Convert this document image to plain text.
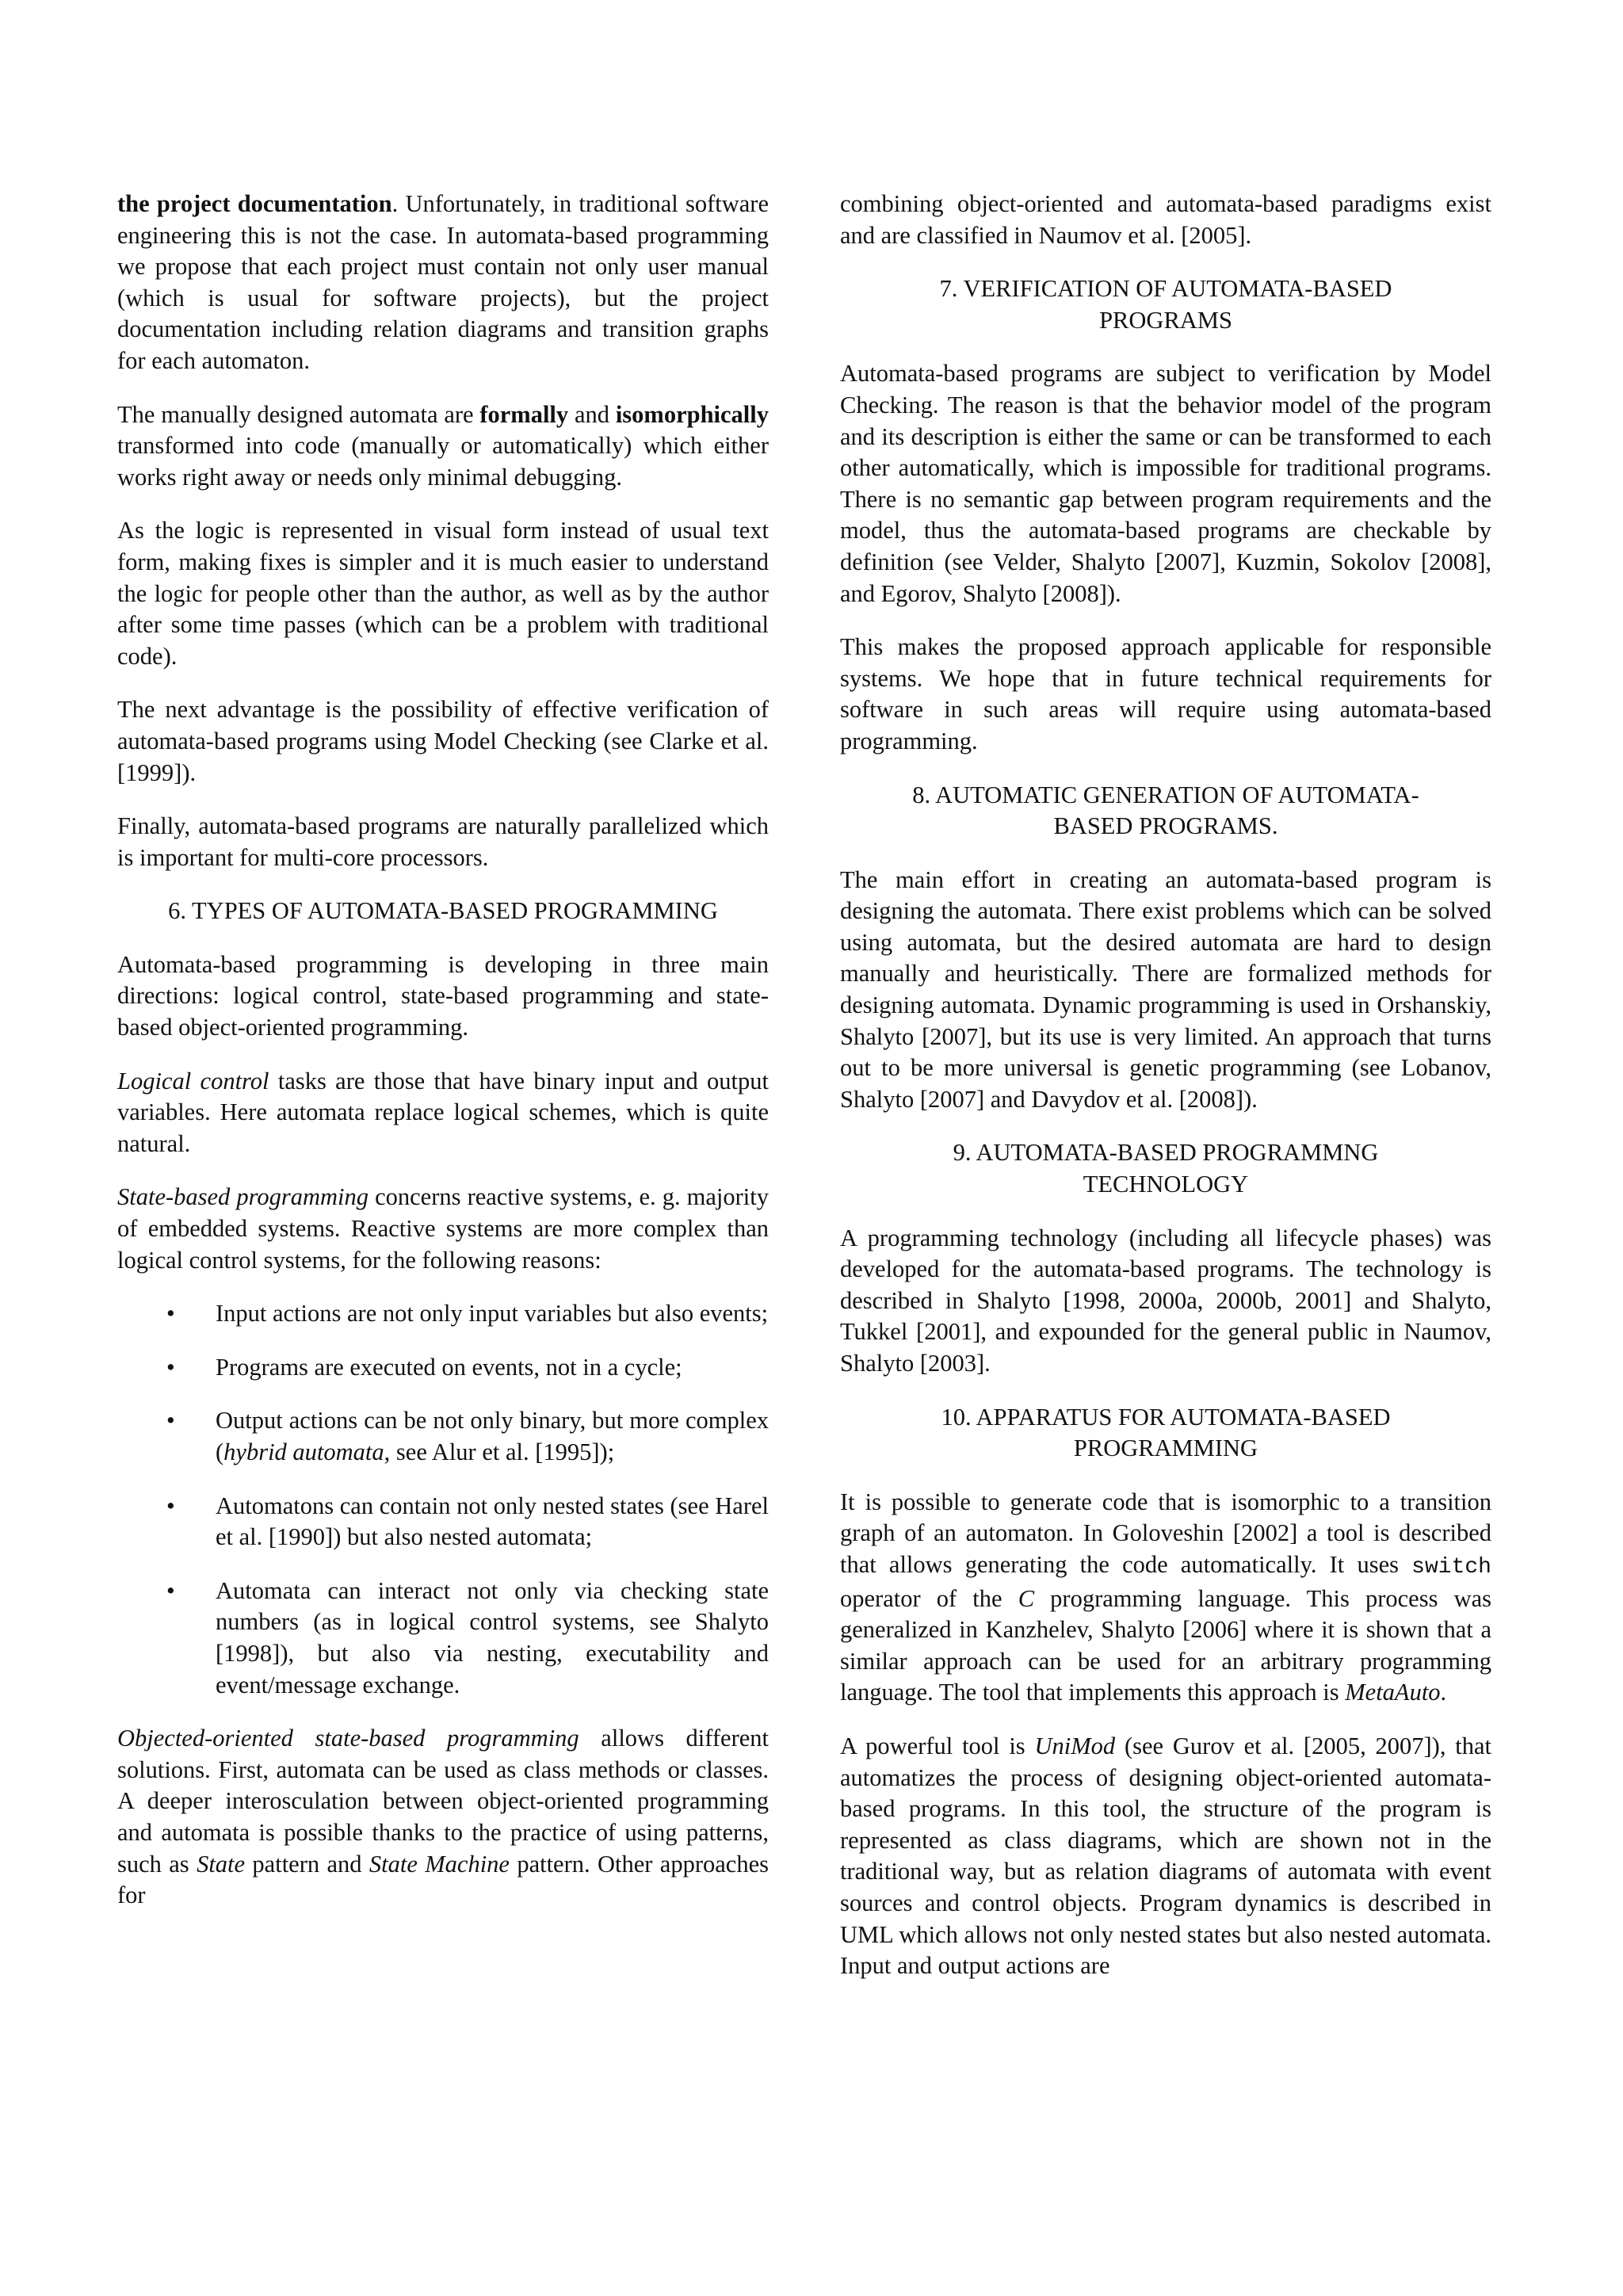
the project documentation. Unfortunately, in traditional software engineering this is not the case. In automata-based programming we propose that each project must contain not only user manual (which is usual for software projects), but the project documentation including relation diagrams and transition graphs for each automaton.

The manually designed automata are formally and isomorphically transformed into code (manually or automatically) which either works right away or needs only minimal debugging.

As the logic is represented in visual form instead of usual text form, making fixes is simpler and it is much easier to understand the logic for people other than the author, as well as by the author after some time passes (which can be a problem with traditional code).

The next advantage is the possibility of effective verification of automata-based programs using Model Checking (see Clarke et al. [1999]).

Finally, automata-based programs are naturally parallelized which is important for multi-core processors.

6. TYPES OF AUTOMATA-BASED PROGRAMMING

Automata-based programming is developing in three main directions: logical control, state-based programming and state-based object-oriented programming.

Logical control tasks are those that have binary input and output variables. Here automata replace logical schemes, which is quite natural.

State-based programming concerns reactive systems, e. g. majority of embedded systems. Reactive systems are more complex than logical control systems, for the following reasons:

• Input actions are not only input variables but also events;
• Programs are executed on events, not in a cycle;
• Output actions can be not only binary, but more complex (hybrid automata, see Alur et al. [1995]);
• Automatons can contain not only nested states (see Harel et al. [1990]) but also nested automata;
• Automata can interact not only via checking state numbers (as in logical control systems, see Shalyto [1998]), but also via nesting, executability and event/message exchange.

Objected-oriented state-based programming allows different solutions. First, automata can be used as class methods or classes. A deeper interosculation between object-oriented programming and automata is possible thanks to the practice of using patterns, such as State pattern and State Machine pattern. Other approaches for

combining object-oriented and automata-based paradigms exist and are classified in Naumov et al. [2005].

7. VERIFICATION OF AUTOMATA-BASED
PROGRAMS

Automata-based programs are subject to verification by Model Checking. The reason is that the behavior model of the program and its description is either the same or can be transformed to each other automatically, which is impossible for traditional programs. There is no semantic gap between program requirements and the model, thus the automata-based programs are checkable by definition (see Velder, Shalyto [2007], Kuzmin, Sokolov [2008], and Egorov, Shalyto [2008]).

This makes the proposed approach applicable for responsible systems. We hope that in future technical requirements for software in such areas will require using automata-based programming.

8. AUTOMATIC GENERATION OF AUTOMATA-
BASED PROGRAMS.

The main effort in creating an automata-based program is designing the automata. There exist problems which can be solved using automata, but the desired automata are hard to design manually and heuristically. There are formalized methods for designing automata. Dynamic programming is used in Orshanskiy, Shalyto [2007], but its use is very limited. An approach that turns out to be more universal is genetic programming (see Lobanov, Shalyto [2007] and Davydov et al. [2008]).

9. AUTOMATA-BASED PROGRAMMNG
TECHNOLOGY

A programming technology (including all lifecycle phases) was developed for the automata-based programs. The technology is described in Shalyto [1998, 2000a, 2000b, 2001] and Shalyto, Tukkel [2001], and expounded for the general public in Naumov, Shalyto [2003].

10. APPARATUS FOR AUTOMATA-BASED
PROGRAMMING

It is possible to generate code that is isomorphic to a transition graph of an automaton. In Goloveshin [2002] a tool is described that allows generating the code automatically. It uses switch operator of the C programming language. This process was generalized in Kanzhelev, Shalyto [2006] where it is shown that a similar approach can be used for an arbitrary programming language. The tool that implements this approach is MetaAuto.

A powerful tool is UniMod (see Gurov et al. [2005, 2007]), that automatizes the process of designing object-oriented automata-based programs. In this tool, the structure of the program is represented as class diagrams, which are shown not in the traditional way, but as relation diagrams of automata with event sources and control objects. Program dynamics is described in UML which allows not only nested states but also nested automata. Input and output actions are
